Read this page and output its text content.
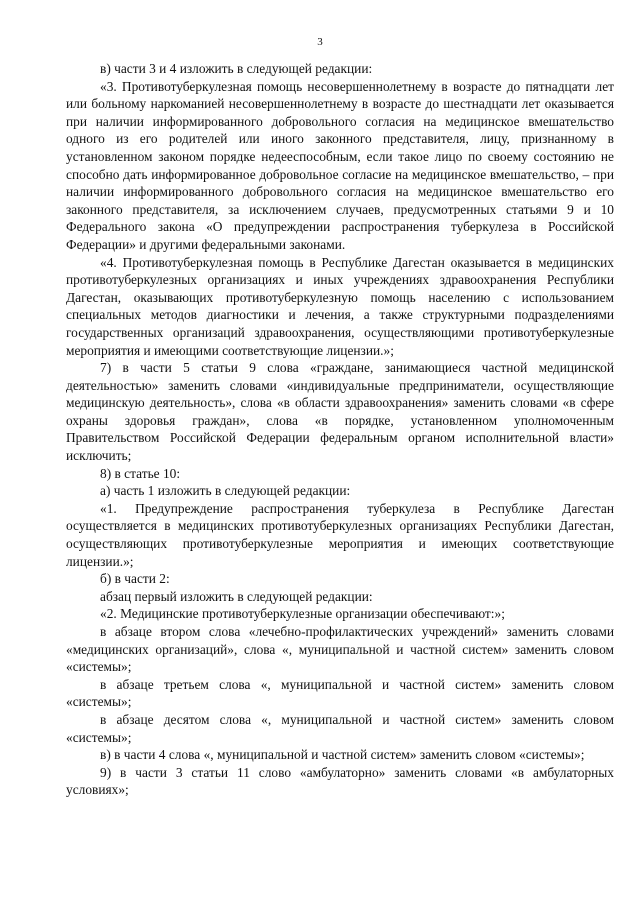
3

в) части 3 и 4 изложить в следующей редакции:

«3. Противотуберкулезная помощь несовершеннолетнему в возрасте до пятнадцати лет или больному наркоманией несовершеннолетнему в возрасте до шестнадцати лет оказывается при наличии информированного добровольного согласия на медицинское вмешательство одного из его родителей или иного законного представителя, лицу, признанному в установленном законом порядке недееспособным, если такое лицо по своему состоянию не способно дать информированное добровольное согласие на медицинское вмешательство, – при наличии информированного добровольного согласия на медицинское вмешательство его законного представителя, за исключением случаев, предусмотренных статьями 9 и 10 Федерального закона «О предупреждении распространения туберкулеза в Российской Федерации» и другими федеральными законами.

«4. Противотуберкулезная помощь в Республике Дагестан оказывается в медицинских противотуберкулезных организациях и иных учреждениях здравоохранения Республики Дагестан, оказывающих противотуберкулезную помощь населению с использованием специальных методов диагностики и лечения, а также структурными подразделениями государственных организаций здравоохранения, осуществляющими противотуберкулезные мероприятия и имеющими соответствующие лицензии.»;

7) в части 5 статьи 9 слова «граждане, занимающиеся частной медицинской деятельностью» заменить словами «индивидуальные предприниматели, осуществляющие медицинскую деятельность», слова «в области здравоохранения» заменить словами «в сфере охраны здоровья граждан», слова «в порядке, установленном уполномоченным Правительством Российской Федерации федеральным органом исполнительной власти» исключить;

8) в статье 10:

а) часть 1 изложить в следующей редакции:

«1. Предупреждение распространения туберкулеза в Республике Дагестан осуществляется в медицинских противотуберкулезных организациях Республики Дагестан, осуществляющих противотуберкулезные мероприятия и имеющих соответствующие лицензии.»;

б) в части 2:

абзац первый изложить в следующей редакции:

«2. Медицинские противотуберкулезные организации обеспечивают:»;

в абзаце втором слова «лечебно-профилактических учреждений» заменить словами «медицинских организаций», слова «, муниципальной и частной систем» заменить словом «системы»;

в абзаце третьем слова «, муниципальной и частной систем» заменить словом «системы»;

в абзаце десятом слова «, муниципальной и частной систем» заменить словом «системы»;

в) в части 4 слова «, муниципальной и частной систем» заменить словом «системы»;

9) в части 3 статьи 11 слово «амбулаторно» заменить словами «в амбулаторных условиях»;
